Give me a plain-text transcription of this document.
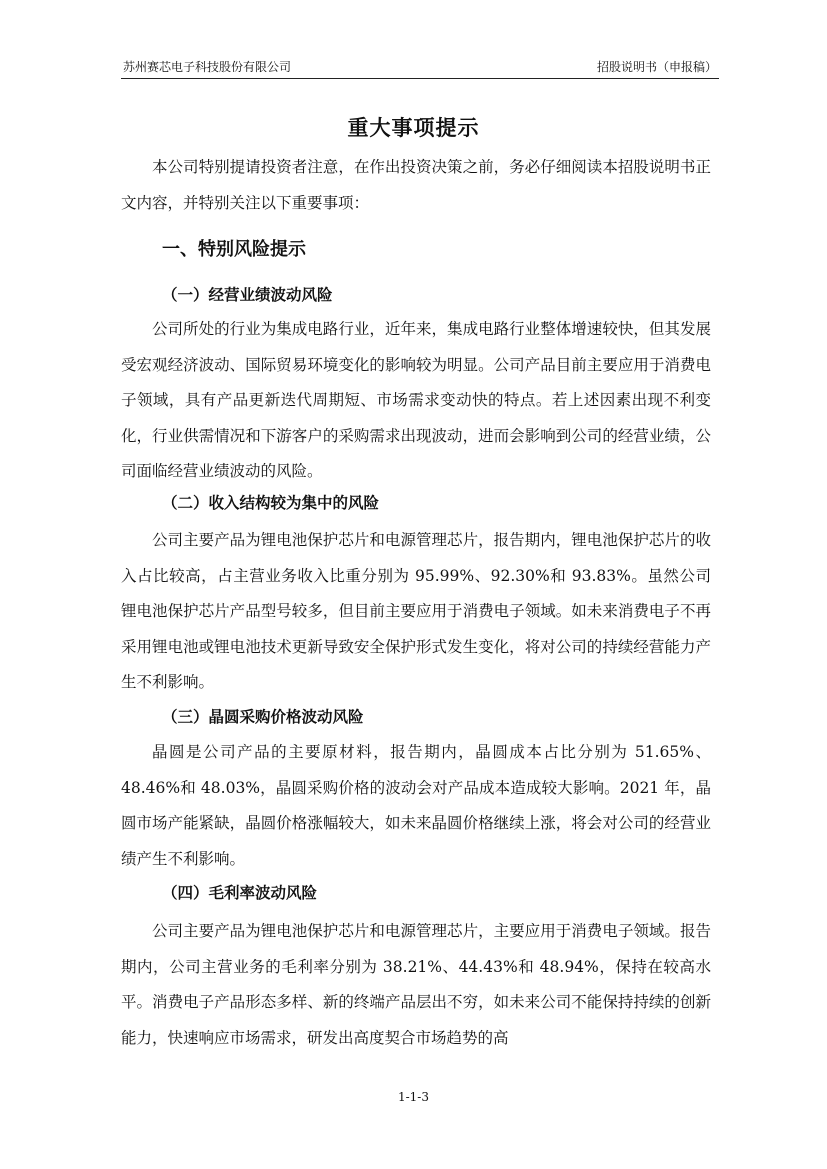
苏州赛芯电子科技股份有限公司	招股说明书（申报稿）
重大事项提示

本公司特别提请投资者注意，在作出投资决策之前，务必仔细阅读本招股说明书正文内容，并特别关注以下重要事项：

一、特别风险提示
（一）经营业绩波动风险

公司所处的行业为集成电路行业，近年来，集成电路行业整体增速较快，但其发展受宏观经济波动、国际贸易环境变化的影响较为明显。公司产品目前主要应用于消费电子领域，具有产品更新迭代周期短、市场需求变动快的特点。若上述因素出现不利变化，行业供需情况和下游客户的采购需求出现波动，进而会影响到公司的经营业绩，公司面临经营业绩波动的风险。

（二）收入结构较为集中的风险

公司主要产品为锂电池保护芯片和电源管理芯片，报告期内，锂电池保护芯片的收入占比较高，占主营业务收入比重分别为 95.99%、92.30%和 93.83%。虽然公司锂电池保护芯片产品型号较多，但目前主要应用于消费电子领域。如未来消费电子不再采用锂电池或锂电池技术更新导致安全保护形式发生变化，将对公司的持续经营能力产生不利影响。

（三）晶圆采购价格波动风险

晶圆是公司产品的主要原材料，报告期内，晶圆成本占比分别为 51.65%、48.46%和 48.03%，晶圆采购价格的波动会对产品成本造成较大影响。2021 年，晶圆市场产能紧缺，晶圆价格涨幅较大，如未来晶圆价格继续上涨，将会对公司的经营业绩产生不利影响。

（四）毛利率波动风险

公司主要产品为锂电池保护芯片和电源管理芯片，主要应用于消费电子领域。报告期内，公司主营业务的毛利率分别为 38.21%、44.43%和 48.94%，保持在较高水平。消费电子产品形态多样、新的终端产品层出不穷，如未来公司不能保持持续的创新能力，快速响应市场需求，研发出高度契合市场趋势的高

1-1-3
